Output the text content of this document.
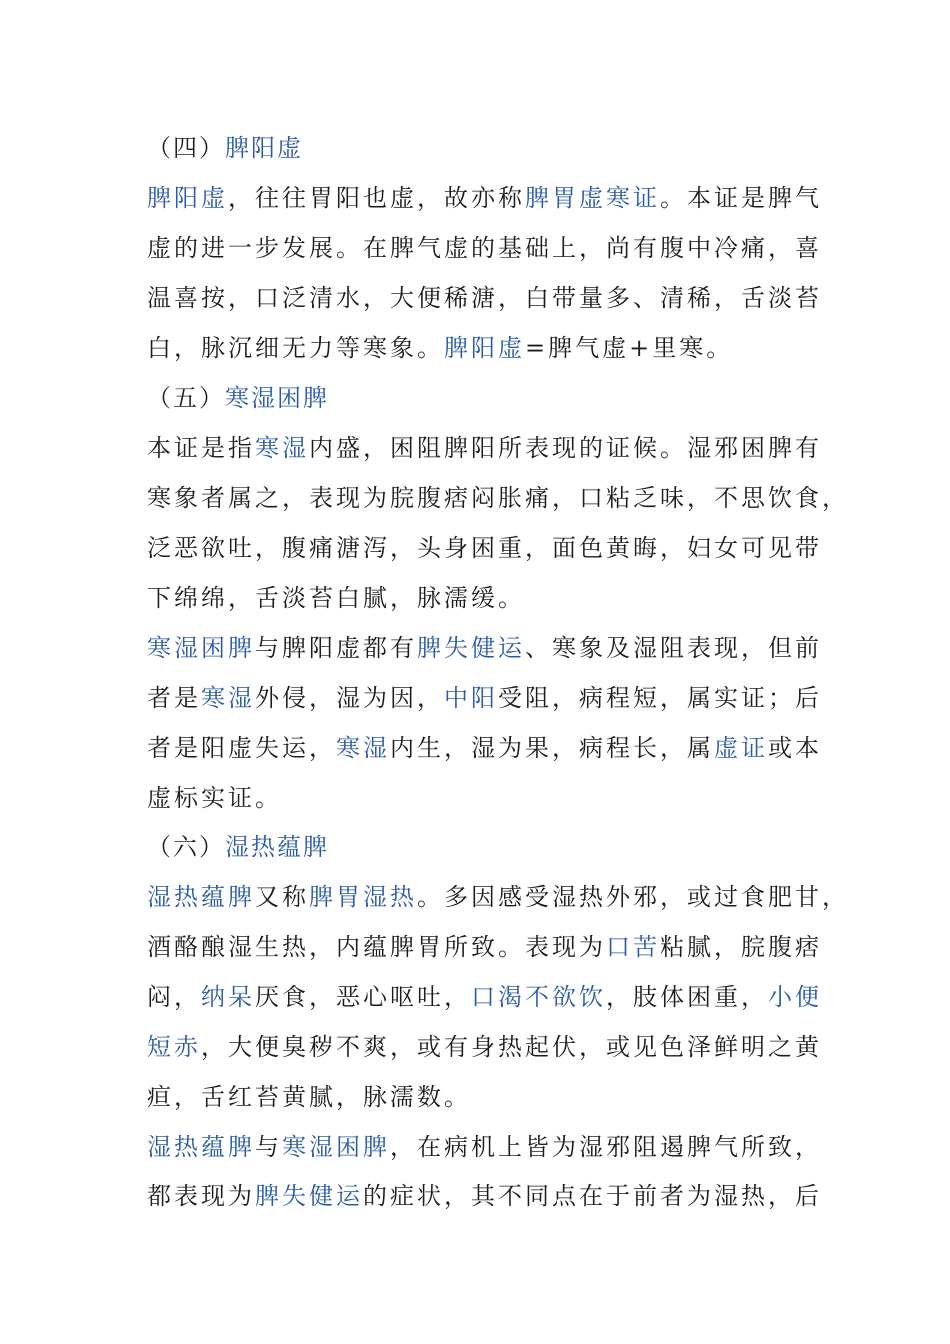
（四）脾阳虚
脾阳虚，往往胃阳也虚，故亦称脾胃虚寒证。本证是脾气
虚的进一步发展。在脾气虚的基础上，尚有腹中冷痛，喜
温喜按，口泛清水，大便稀溏，白带量多、清稀，舌淡苔
白，脉沉细无力等寒象。脾阳虚=脾气虚+里寒。
（五）寒湿困脾
本证是指寒湿内盛，困阻脾阳所表现的证候。湿邪困脾有
寒象者属之，表现为脘腹痞闷胀痛，口粘乏味，不思饮食，
泛恶欲吐，腹痛溏泻，头身困重，面色黄晦，妇女可见带
下绵绵，舌淡苔白腻，脉濡缓。
寒湿困脾与脾阳虚都有脾失健运、寒象及湿阻表现，但前
者是寒湿外侵，湿为因，中阳受阻，病程短，属实证；后
者是阳虚失运，寒湿内生，湿为果，病程长，属虚证或本
虚标实证。
（六）湿热蕴脾
湿热蕴脾又称脾胃湿热。多因感受湿热外邪，或过食肥甘，
酒酪酿湿生热，内蕴脾胃所致。表现为口苦粘腻，脘腹痞
闷，纳呆厌食，恶心呕吐，口渴不欲饮，肢体困重，小便
短赤，大便臭秽不爽，或有身热起伏，或见色泽鲜明之黄
疸，舌红苔黄腻，脉濡数。
湿热蕴脾与寒湿困脾，在病机上皆为湿邪阻遏脾气所致，
都表现为脾失健运的症状，其不同点在于前者为湿热，后
